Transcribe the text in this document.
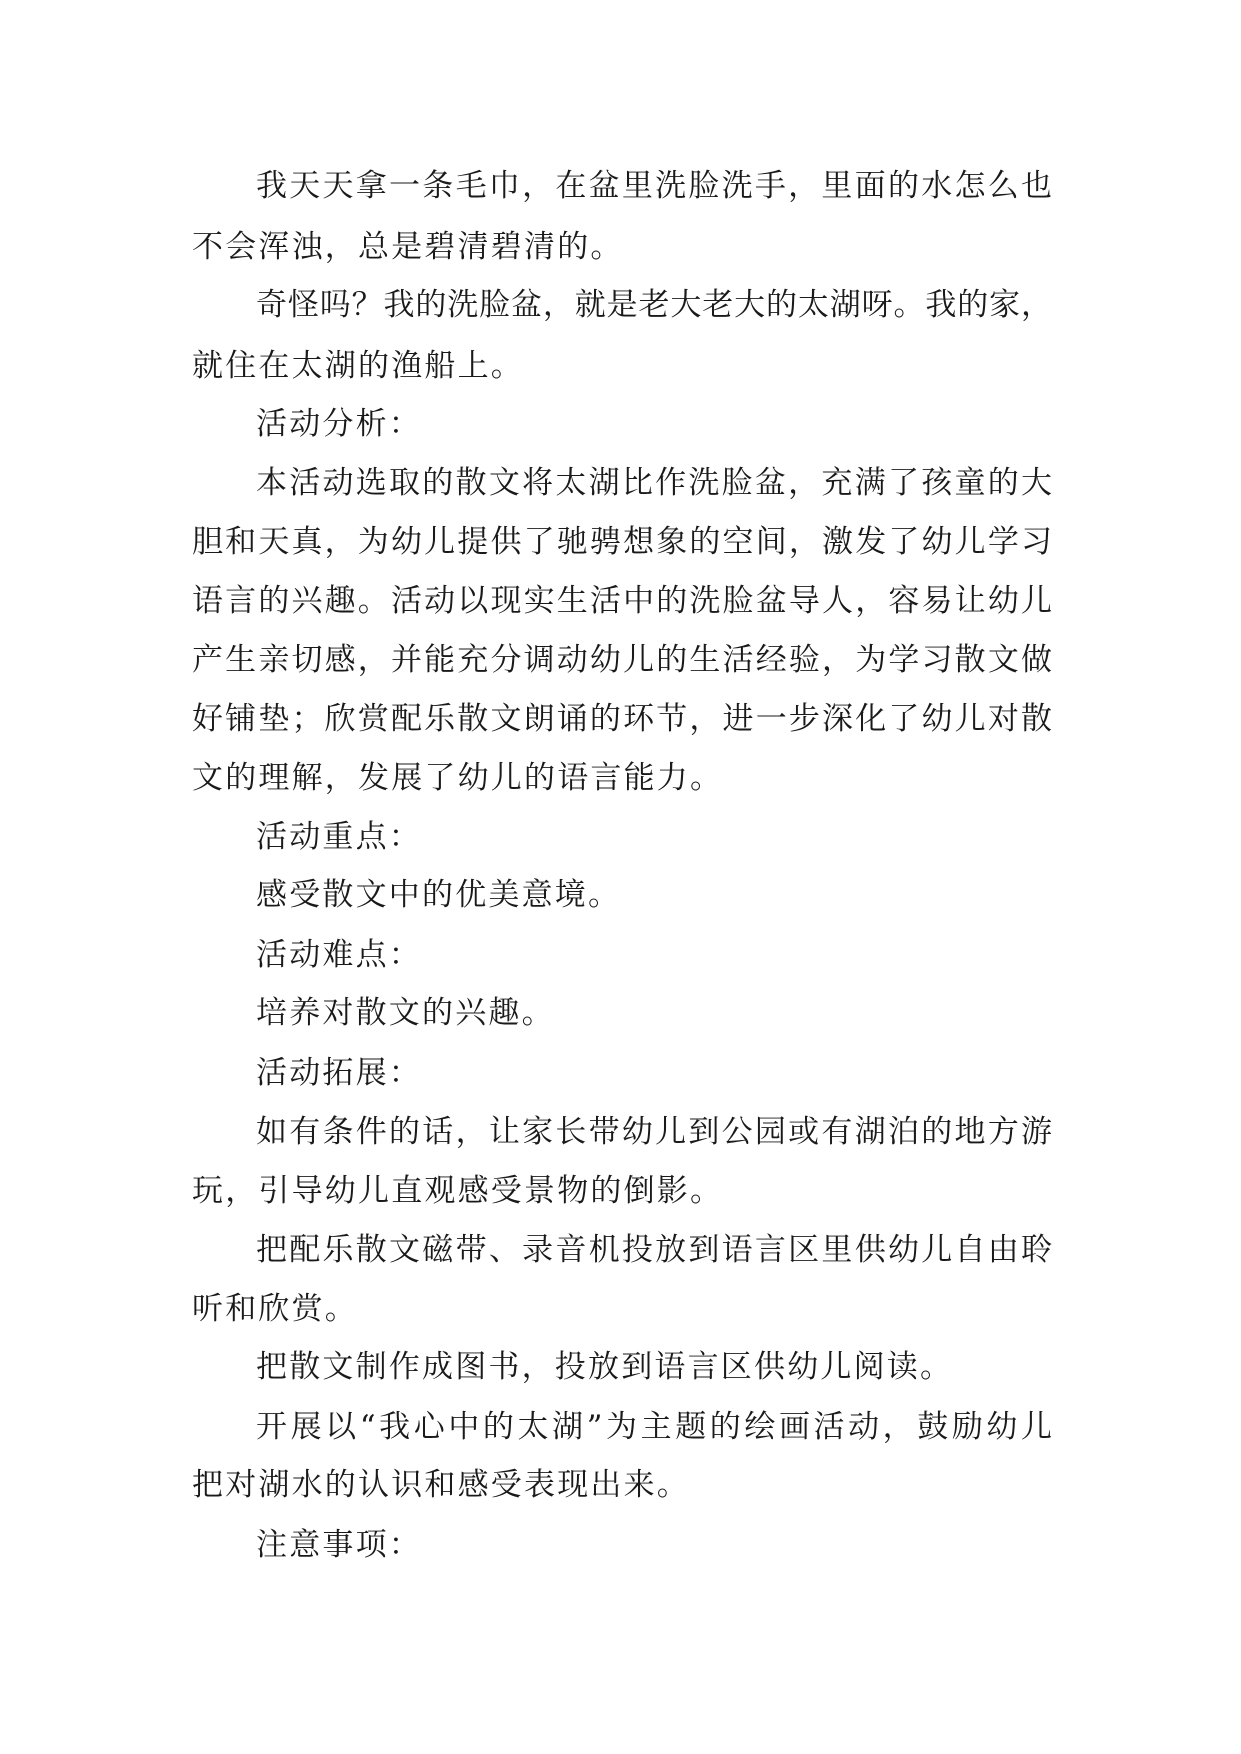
我天天拿一条毛巾，在盆里洗脸洗手，里面的水怎么也
不会浑浊，总是碧清碧清的。
奇怪吗？我的洗脸盆，就是老大老大的太湖呀。我的家，
就住在太湖的渔船上。
活动分析：
本活动选取的散文将太湖比作洗脸盆，充满了孩童的大
胆和天真，为幼儿提供了驰骋想象的空间，激发了幼儿学习
语言的兴趣。活动以现实生活中的洗脸盆导人，容易让幼儿
产生亲切感，并能充分调动幼儿的生活经验，为学习散文做
好铺垫；欣赏配乐散文朗诵的环节，进一步深化了幼儿对散
文的理解，发展了幼儿的语言能力。
活动重点：
感受散文中的优美意境。
活动难点：
培养对散文的兴趣。
活动拓展：
如有条件的话，让家长带幼儿到公园或有湖泊的地方游
玩，引导幼儿直观感受景物的倒影。
把配乐散文磁带、录音机投放到语言区里供幼儿自由聆
听和欣赏。
把散文制作成图书，投放到语言区供幼儿阅读。
开展以“我心中的太湖”为主题的绘画活动，鼓励幼儿
把对湖水的认识和感受表现出来。
注意事项：
